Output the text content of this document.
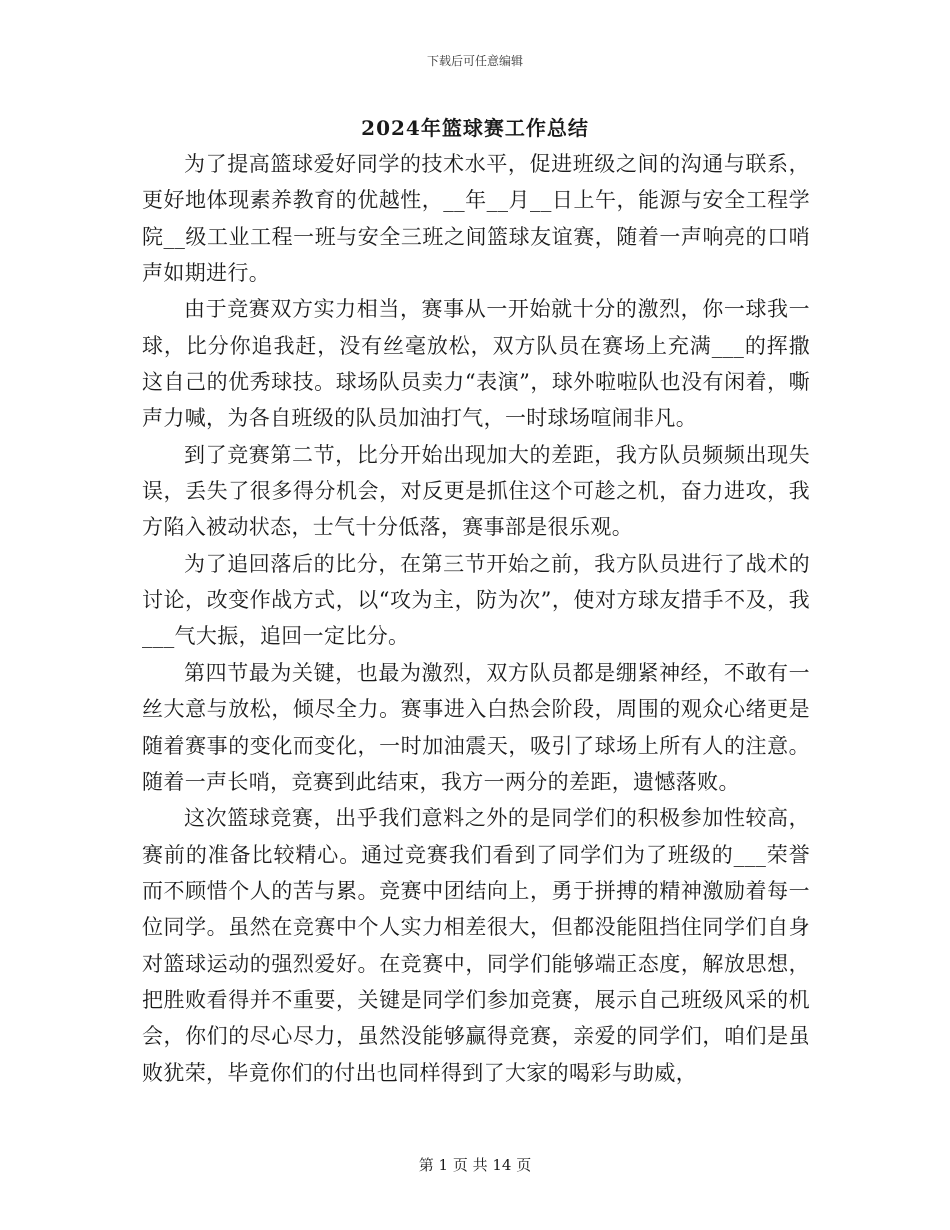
下载后可任意编辑
2024年篮球赛工作总结

为了提高篮球爱好同学的技术水平，促进班级之间的沟通与联系，更好地体现素养教育的优越性，__年__月__日上午，能源与安全工程学院__级工业工程一班与安全三班之间篮球友谊赛，随着一声响亮的口哨声如期进行。

由于竞赛双方实力相当，赛事从一开始就十分的激烈，你一球我一球，比分你追我赶，没有丝毫放松，双方队员在赛场上充满___的挥撒这自己的优秀球技。球场队员卖力“表演”，球外啦啦队也没有闲着，嘶声力喊，为各自班级的队员加油打气，一时球场喧闹非凡。

到了竞赛第二节，比分开始出现加大的差距，我方队员频频出现失误，丢失了很多得分机会，对反更是抓住这个可趁之机，奋力进攻，我方陷入被动状态，士气十分低落，赛事部是很乐观。

为了追回落后的比分，在第三节开始之前，我方队员进行了战术的讨论，改变作战方式，以“攻为主，防为次”，使对方球友措手不及，我___气大振，追回一定比分。

第四节最为关键，也最为激烈，双方队员都是绷紧神经，不敢有一丝大意与放松，倾尽全力。赛事进入白热会阶段，周围的观众心绪更是随着赛事的变化而变化，一时加油震天，吸引了球场上所有人的注意。随着一声长哨，竞赛到此结束，我方一两分的差距，遗憾落败。

这次篮球竞赛，出乎我们意料之外的是同学们的积极参加性较高，赛前的准备比较精心。通过竞赛我们看到了同学们为了班级的___荣誉而不顾惜个人的苦与累。竞赛中团结向上，勇于拼搏的精神激励着每一位同学。虽然在竞赛中个人实力相差很大，但都没能阻挡住同学们自身对篮球运动的强烈爱好。在竞赛中，同学们能够端正态度，解放思想，把胜败看得并不重要，关键是同学们参加竞赛，展示自己班级风采的机会，你们的尽心尽力，虽然没能够赢得竞赛，亲爱的同学们，咱们是虽败犹荣，毕竟你们的付出也同样得到了大家的喝彩与助威，

第 1 页 共 14 页
